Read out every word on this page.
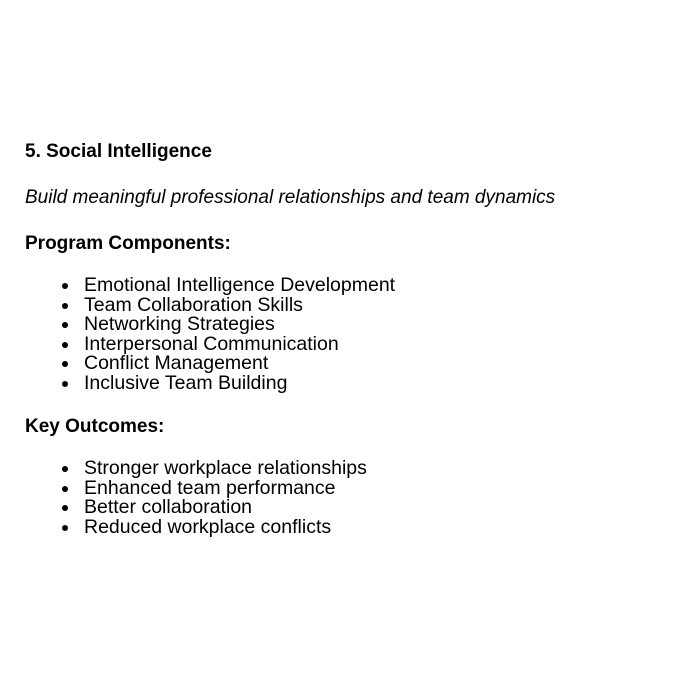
5. Social Intelligence

Build meaningful professional relationships and team dynamics

Program Components:
Emotional Intelligence Development
Team Collaboration Skills
Networking Strategies
Interpersonal Communication
Conflict Management
Inclusive Team Building
Key Outcomes:
Stronger workplace relationships
Enhanced team performance
Better collaboration
Reduced workplace conflicts
